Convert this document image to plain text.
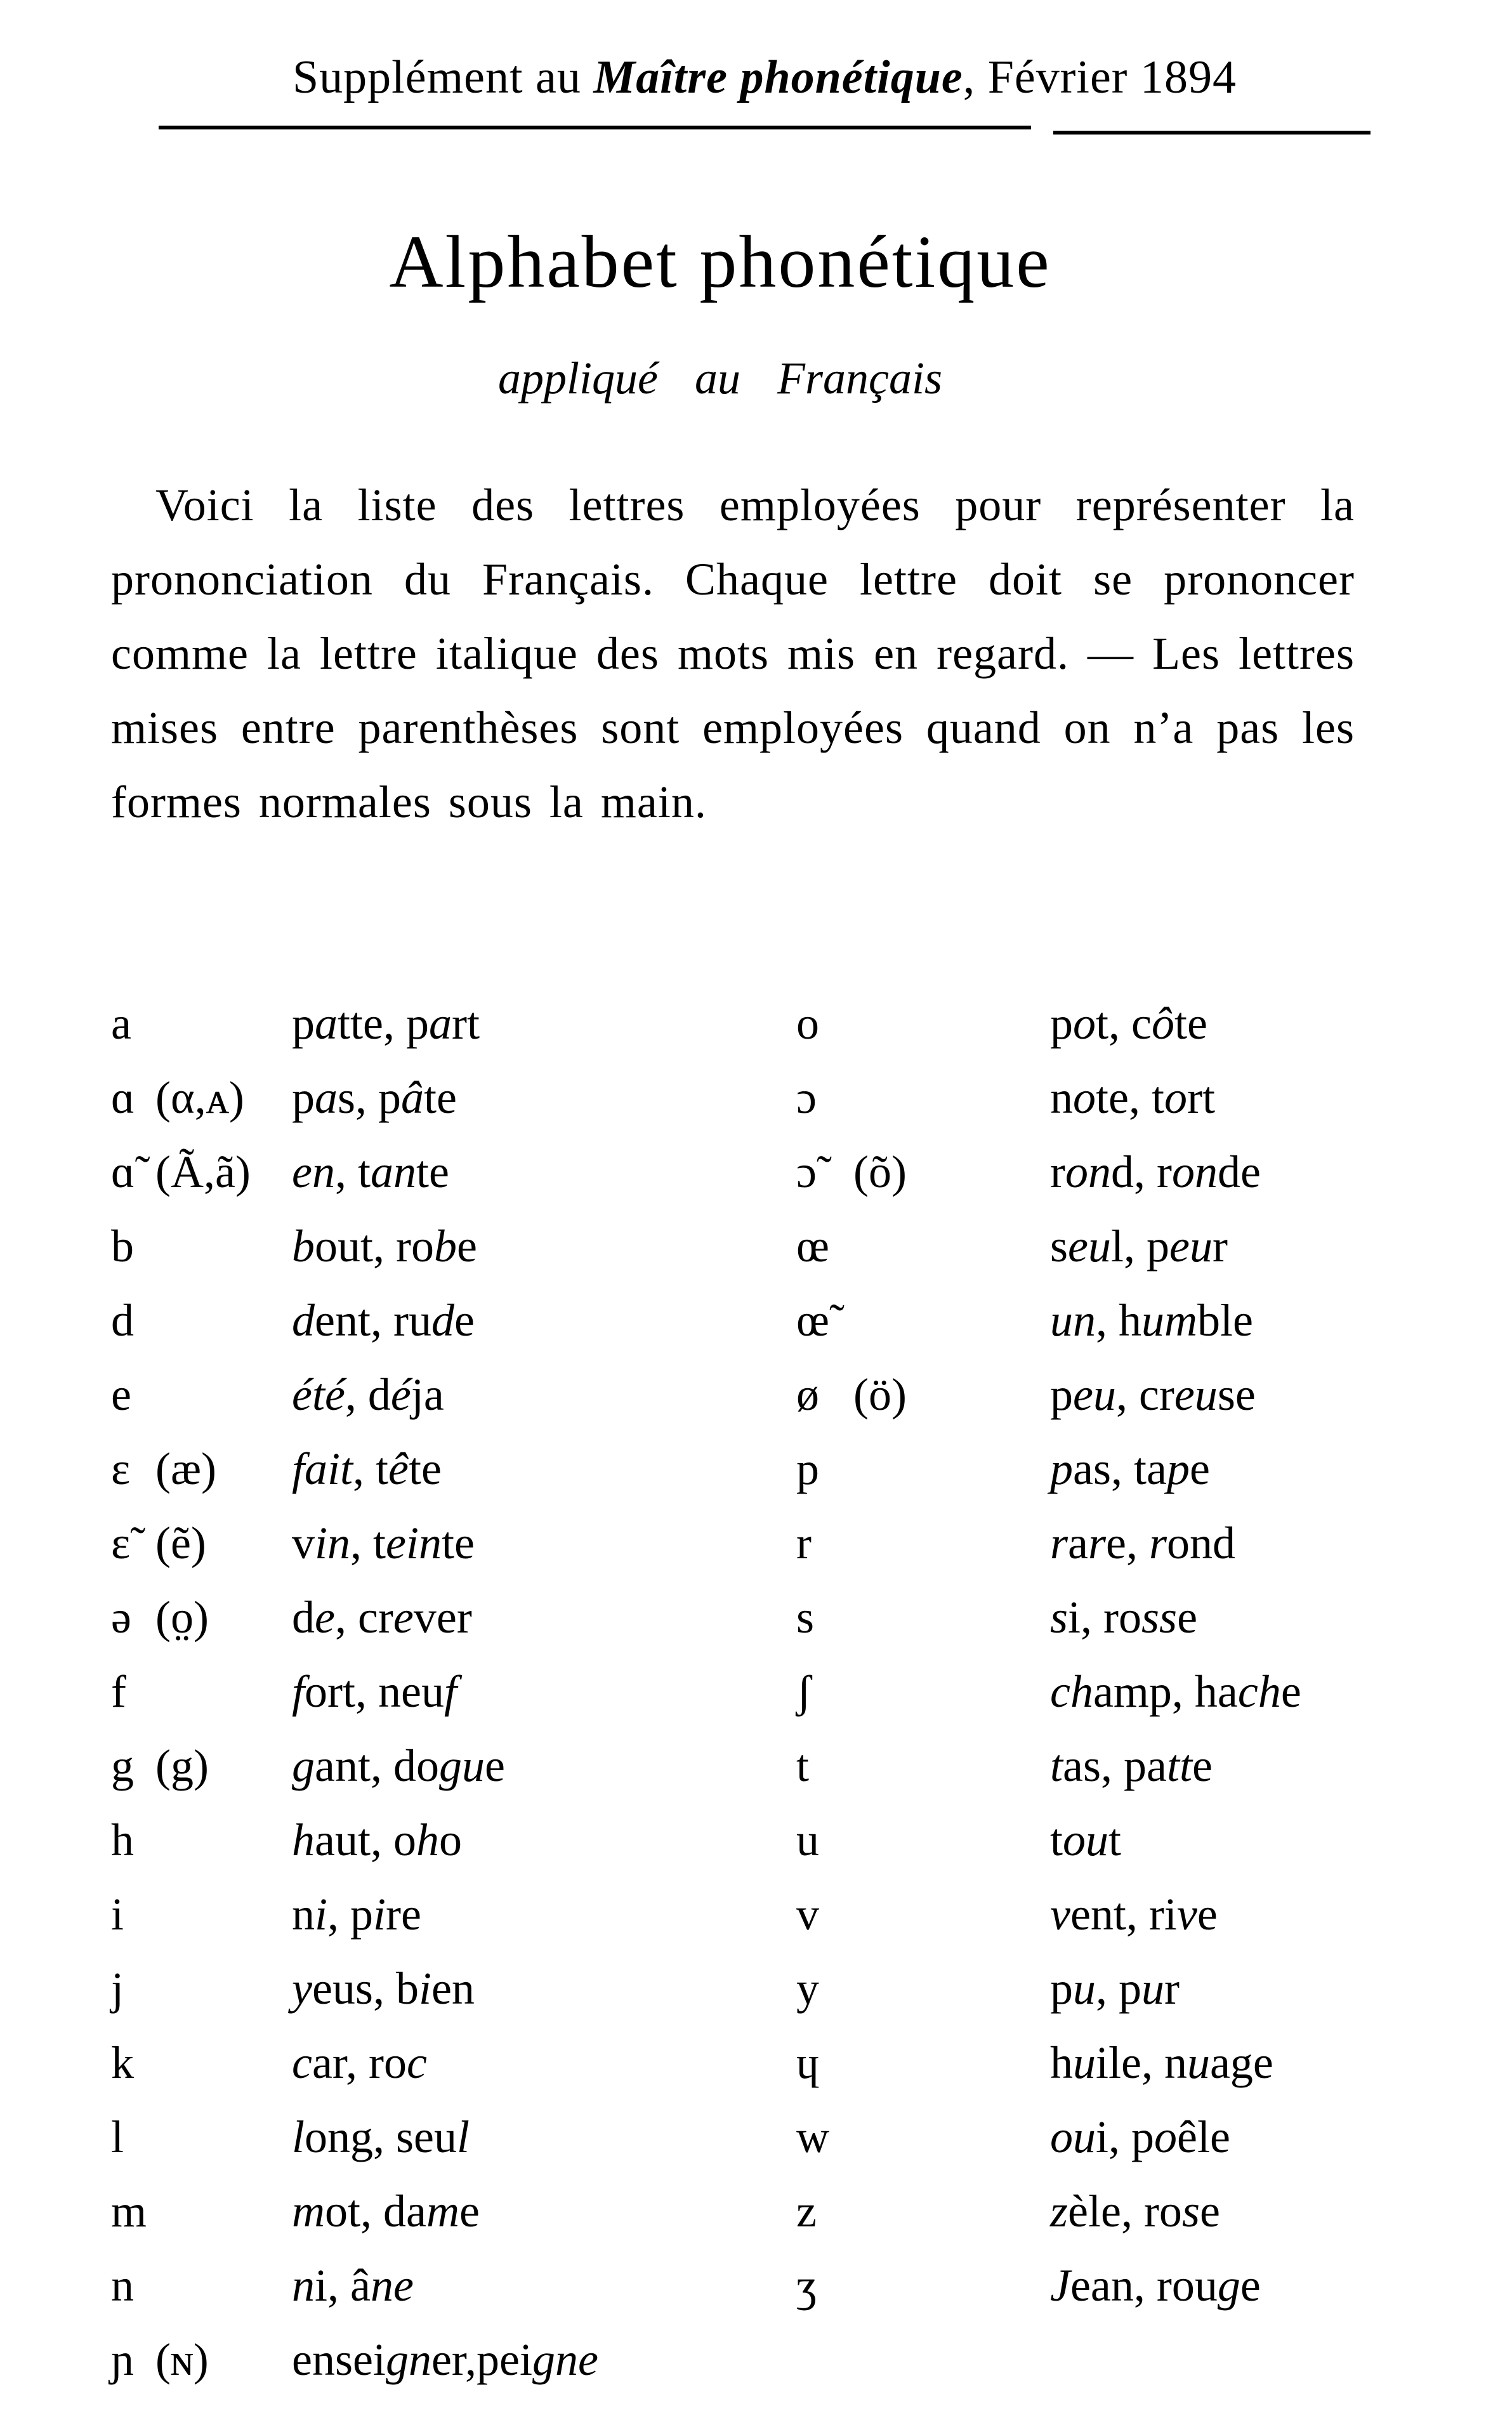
Supplément au Maître phonétique, Février 1894
Alphabet phonétique
appliqué au Français
Voici la liste des lettres employées pour représenter la prononciation du Français. Chaque lettre doit se prononcer comme la lettre italique des mots mis en regard. — Les lettres mises entre parenthèses sont employées quand on n’a pas les formes normales sous la main.
a	patte, part
ɑ (α,ᴀ) pas, pâte
ɑ̃ (Ã,ã) en, tante
b	bout, robe
d	dent, rude
e	été, déja
ɛ (æ) fait, tête
ɛ̃ (ẽ) vin, teinte
ə (o̤) de, crever
f	fort, neuf
g (g) gant, dogue
h	haut, oho
i	ni, pire
j	yeus, bien
k	car, roc
l	long, seul
m	mot, dame
n	ni, âne
ɲ (ɴ) enseigner,peigne
o	pot, côte
ɔ	note, tort
ɔ̃ (õ)	rond, ronde
œ	seul, peur
œ̃	un, humble
ø (ö)	peu, creuse
p	pas, tape
r	rare, rond
s	si, rosse
ʃ	champ, hache
t	tas, patte
u	tout
v	vent, rive
y	pu, pur
ɥ	huile, nuage
w	oui, poêle
z	zèle, rose
ʒ	Jean, rouge
